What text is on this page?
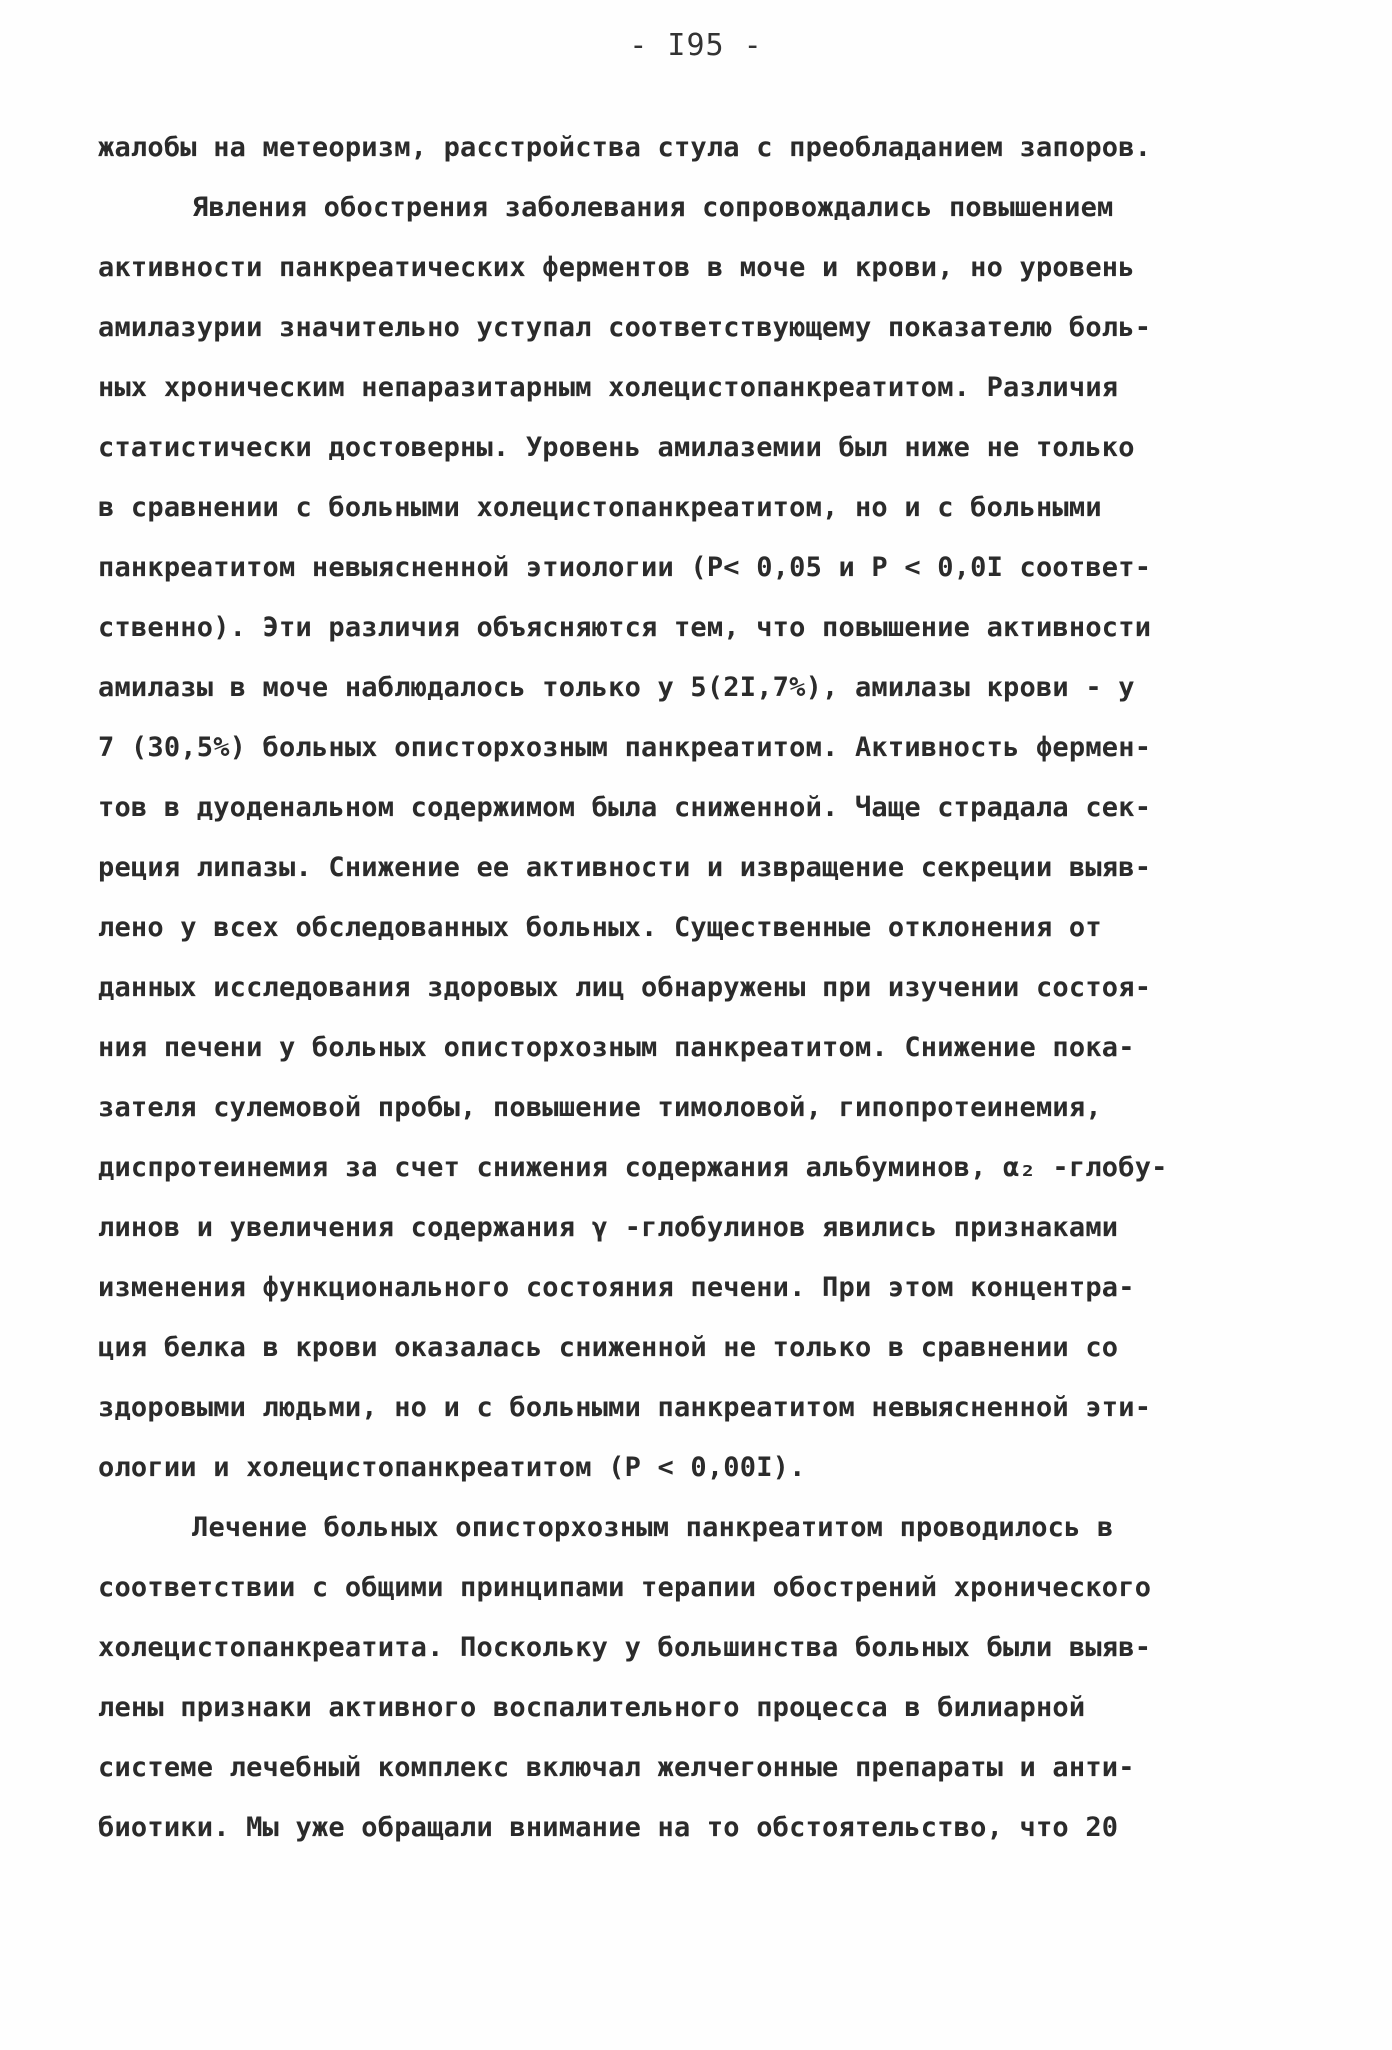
- I95 -
жалобы на метеоризм, расстройства стула с преобладанием запоров.
Явления обострения заболевания сопровождались повышением
активности панкреатических ферментов в моче и крови, но уровень
амилазурии значительно уступал соответствующему показателю боль-
ных хроническим непаразитарным холецистопанкреатитом. Различия
статистически достоверны. Уровень амилаземии был ниже не только
в сравнении с больными холецистопанкреатитом, но и с больными
панкреатитом невыясненной этиологии (P< 0,05 и P < 0,0I соответ-
ственно). Эти различия объясняются тем, что повышение активности
амилазы в моче наблюдалось только у 5(2I,7%), амилазы крови - у
7 (30,5%) больных описторхозным панкреатитом. Активность фермен-
тов в дуоденальном содержимом была сниженной. Чаще страдала сек-
реция липазы. Снижение ее активности и извращение секреции выяв-
лено у всех обследованных больных. Существенные отклонения от
данных исследования здоровых лиц обнаружены при изучении состоя-
ния печени у больных описторхозным панкреатитом. Снижение пока-
зателя сулемовой пробы, повышение тимоловой, гипопротеинемия,
диспротеинемия за счет снижения содержания альбуминов, α₂ -глобу-
линов и увеличения содержания γ -глобулинов явились признаками
изменения функционального состояния печени. При этом концентра-
ция белка в крови оказалась сниженной не только в сравнении со
здоровыми людьми, но и с больными панкреатитом невыясненной эти-
ологии и холецистопанкреатитом (P < 0,00I).
Лечение больных описторхозным панкреатитом проводилось в
соответствии с общими принципами терапии обострений хронического
холецистопанкреатита. Поскольку у большинства больных были выяв-
лены признаки активного воспалительного процесса в билиарной
системе лечебный комплекс включал желчегонные препараты и анти-
биотики. Мы уже обращали внимание на то обстоятельство, что 20
